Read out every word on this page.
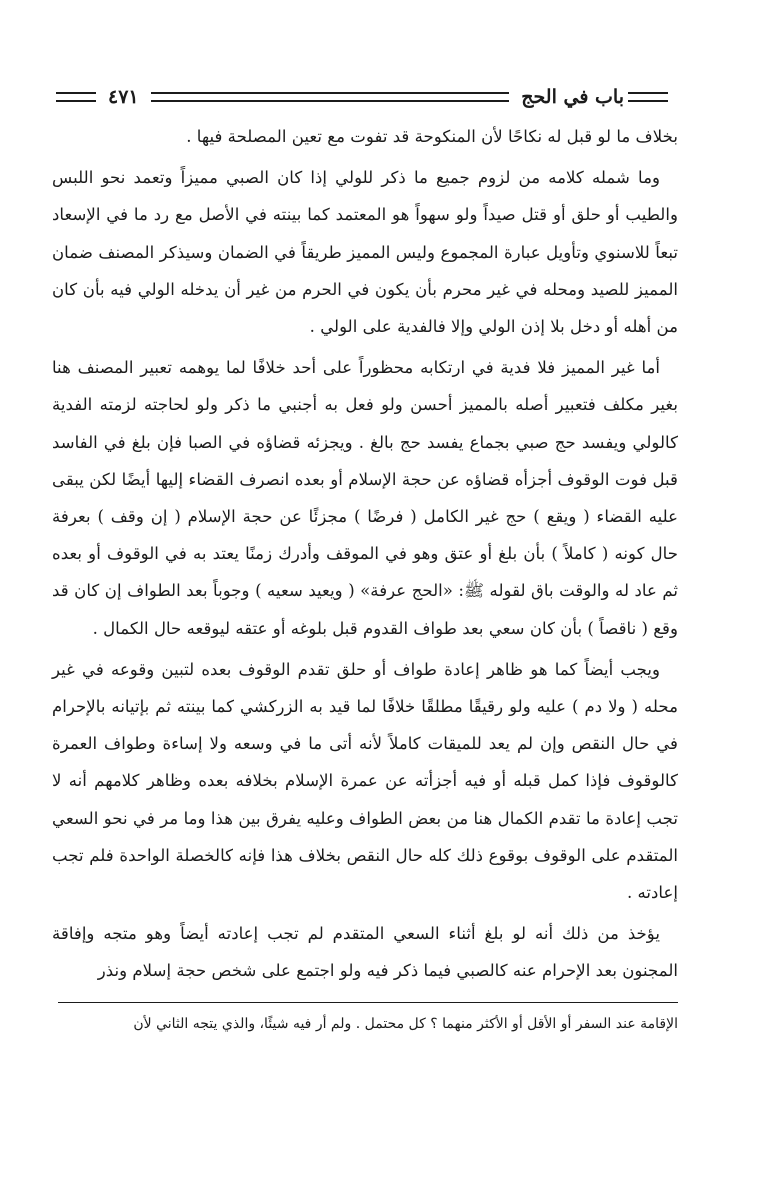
باب في الحج
٤٧١

بخلاف ما لو قبل له نكاحًا لأن المنكوحة قد تفوت مع تعين المصلحة فيها .

وما شمله كلامه من لزوم جميع ما ذكر للولي إذا كان الصبي مميزاً وتعمد نحو اللبس والطيب أو حلق أو قتل صيداً ولو سهواً هو المعتمد كما بينته في الأصل مع رد ما في الإسعاد تبعاً للاسنوي وتأويل عبارة المجموع وليس المميز طريقاً في الضمان وسيذكر المصنف ضمان المميز للصيد ومحله في غير محرم بأن يكون في الحرم من غير أن يدخله الولي فيه بأن كان من أهله أو دخل بلا إذن الولي وإلا فالفدية على الولي .

أما غير المميز فلا فدية في ارتكابه محظوراً على أحد خلافًا لما يوهمه تعبير المصنف هنا بغير مكلف فتعبير أصله بالمميز أحسن ولو فعل به أجنبي ما ذكر ولو لحاجته لزمته الفدية كالولي ويفسد حج صبي بجماع يفسد حج بالغ . ويجزئه قضاؤه في الصبا فإن بلغ في الفاسد قبل فوت الوقوف أجزأه قضاؤه عن حجة الإسلام أو بعده انصرف القضاء إليها أيضًا لكن يبقى عليه القضاء ( ويقع ) حج غير الكامل ( فرضًا ) مجزئًا عن حجة الإسلام ( إن وقف ) بعرفة حال كونه ( كاملاً ) بأن بلغ أو عتق وهو في الموقف وأدرك زمنًا يعتد به في الوقوف أو بعده ثم عاد له والوقت باق لقوله ﷺ: «الحج عرفة» ( ويعيد سعيه ) وجوباً بعد الطواف إن كان قد وقع ( ناقصاً ) بأن كان سعي بعد طواف القدوم قبل بلوغه أو عتقه ليوقعه حال الكمال .

ويجب أيضاً كما هو ظاهر إعادة طواف أو حلق تقدم الوقوف بعده لتبين وقوعه في غير محله ( ولا دم ) عليه ولو رقيقًا مطلقًا خلافًا لما قيد به الزركشي كما بينته ثم بإتيانه بالإحرام في حال النقص وإن لم يعد للميقات كاملاً لأنه أتى ما في وسعه ولا إساءة وطواف العمرة كالوقوف فإذا كمل قبله أو فيه أجزأته عن عمرة الإسلام بخلافه بعده وظاهر كلامهم أنه لا تجب إعادة ما تقدم الكمال هنا من بعض الطواف وعليه يفرق بين هذا وما مر في نحو السعي المتقدم على الوقوف بوقوع ذلك كله حال النقص بخلاف هذا فإنه كالخصلة الواحدة فلم تجب إعادته .

يؤخذ من ذلك أنه لو بلغ أثناء السعي المتقدم لم تجب إعادته أيضاً وهو متجه وإفاقة المجنون بعد الإحرام عنه كالصبي فيما ذكر فيه ولو اجتمع على شخص حجة إسلام ونذر

الإقامة عند السفر أو الأقل أو الأكثر منهما ؟ كل محتمل . ولم أر فيه شيئًا، والذي يتجه الثاني لأن
